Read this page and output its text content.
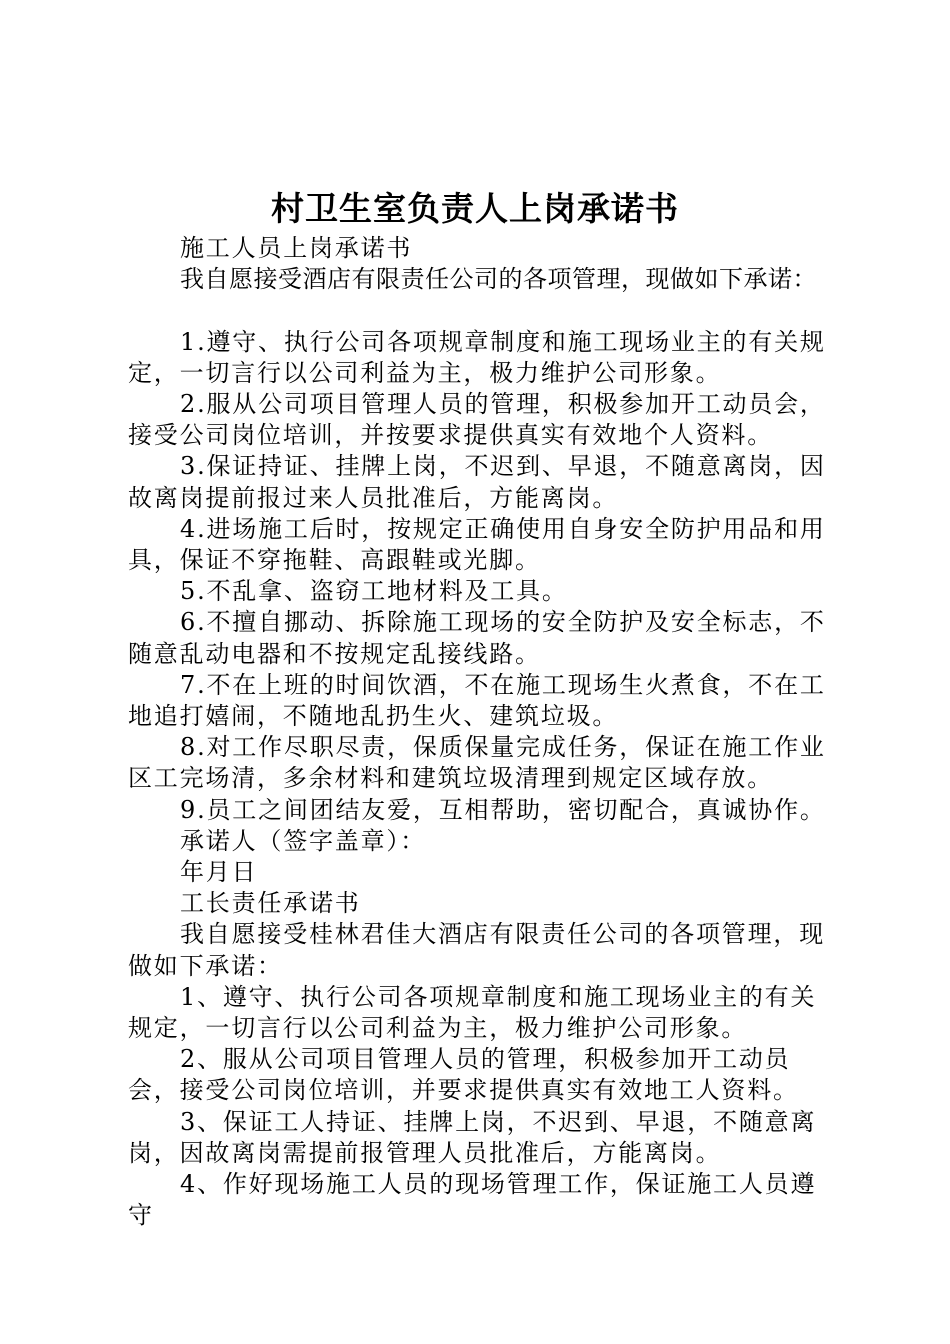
村卫生室负责人上岗承诺书

施工人员上岗承诺书

我自愿接受酒店有限责任公司的各项管理，现做如下承诺：

1.遵守、执行公司各项规章制度和施工现场业主的有关规定，一切言行以公司利益为主，极力维护公司形象。

2.服从公司项目管理人员的管理，积极参加开工动员会，接受公司岗位培训，并按要求提供真实有效地个人资料。

3.保证持证、挂牌上岗，不迟到、早退，不随意离岗，因故离岗提前报过来人员批准后，方能离岗。

4.进场施工后时，按规定正确使用自身安全防护用品和用具，保证不穿拖鞋、高跟鞋或光脚。

5.不乱拿、盗窃工地材料及工具。

6.不擅自挪动、拆除施工现场的安全防护及安全标志，不随意乱动电器和不按规定乱接线路。

7.不在上班的时间饮酒，不在施工现场生火煮食，不在工地追打嬉闹，不随地乱扔生火、建筑垃圾。

8.对工作尽职尽责，保质保量完成任务，保证在施工作业区工完场清，多余材料和建筑垃圾清理到规定区域存放。

9.员工之间团结友爱，互相帮助，密切配合，真诚协作。

承诺人（签字盖章）：

年月日

工长责任承诺书

我自愿接受桂林君佳大酒店有限责任公司的各项管理，现做如下承诺：

1、遵守、执行公司各项规章制度和施工现场业主的有关规定，一切言行以公司利益为主，极力维护公司形象。

2、服从公司项目管理人员的管理，积极参加开工动员会，接受公司岗位培训，并要求提供真实有效地工人资料。

3、保证工人持证、挂牌上岗，不迟到、早退，不随意离岗，因故离岗需提前报管理人员批准后，方能离岗。

4、作好现场施工人员的现场管理工作，保证施工人员遵守
